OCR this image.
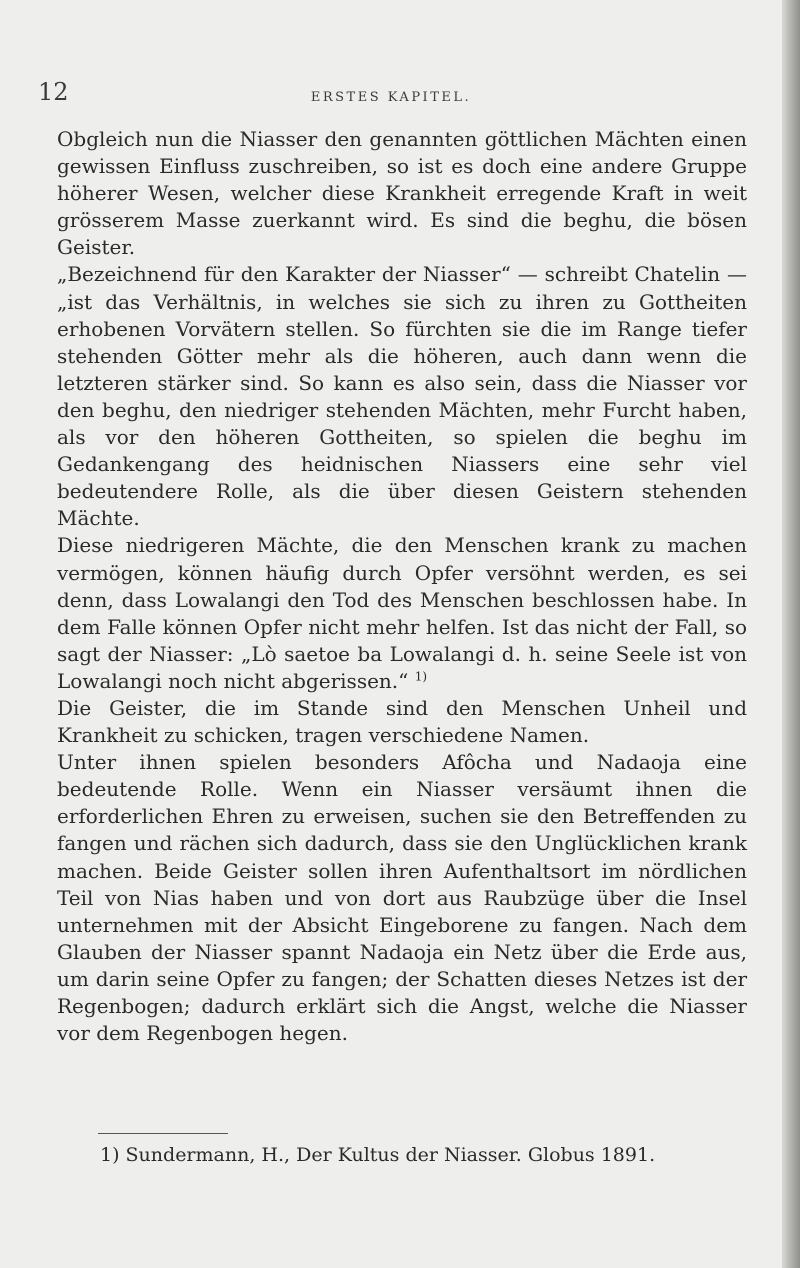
12	ERSTES KAPITEL.

Obgleich nun die Niasser den genannten göttlichen Mächten einen gewissen Einfluss zuschreiben, so ist es doch eine andere Gruppe höherer Wesen, welcher diese Krankheit erregende Kraft in weit grösserem Masse zuerkannt wird. Es sind die beghu, die bösen Geister.

„Bezeichnend für den Karakter der Niasser“ — schreibt Chatelin — „ist das Verhältnis, in welches sie sich zu ihren zu Gottheiten erhobenen Vorvätern stellen. So fürchten sie die im Range tiefer stehenden Götter mehr als die höheren, auch dann wenn die letzteren stärker sind. So kann es also sein, dass die Niasser vor den beghu, den niedriger stehenden Mächten, mehr Furcht haben, als vor den höheren Gottheiten, so spielen die beghu im Gedankengang des heidnischen Niassers eine sehr viel bedeutendere Rolle, als die über diesen Geistern stehenden Mächte.

Diese niedrigeren Mächte, die den Menschen krank zu machen vermögen, können häufig durch Opfer versöhnt werden, es sei denn, dass Lowalangi den Tod des Menschen beschlossen habe. In dem Falle können Opfer nicht mehr helfen. Ist das nicht der Fall, so sagt der Niasser: „Lò saetoe ba Lowalangi d. h. seine Seele ist von Lowalangi noch nicht abgerissen.“ $^{1)}$

Die Geister, die im Stande sind den Menschen Unheil und Krankheit zu schicken, tragen verschiedene Namen.

Unter ihnen spielen besonders Afôcha und Nadaoja eine bedeutende Rolle. Wenn ein Niasser versäumt ihnen die erforderlichen Ehren zu erweisen, suchen sie den Betreffenden zu fangen und rächen sich dadurch, dass sie den Unglücklichen krank machen. Beide Geister sollen ihren Aufenthaltsort im nördlichen Teil von Nias haben und von dort aus Raubzüge über die Insel unternehmen mit der Absicht Eingeborene zu fangen. Nach dem Glauben der Niasser spannt Nadaoja ein Netz über die Erde aus, um darin seine Opfer zu fangen; der Schatten dieses Netzes ist der Regenbogen; dadurch erklärt sich die Angst, welche die Niasser vor dem Regenbogen hegen.

1) Sundermann, H., Der Kultus der Niasser. Globus 1891.
